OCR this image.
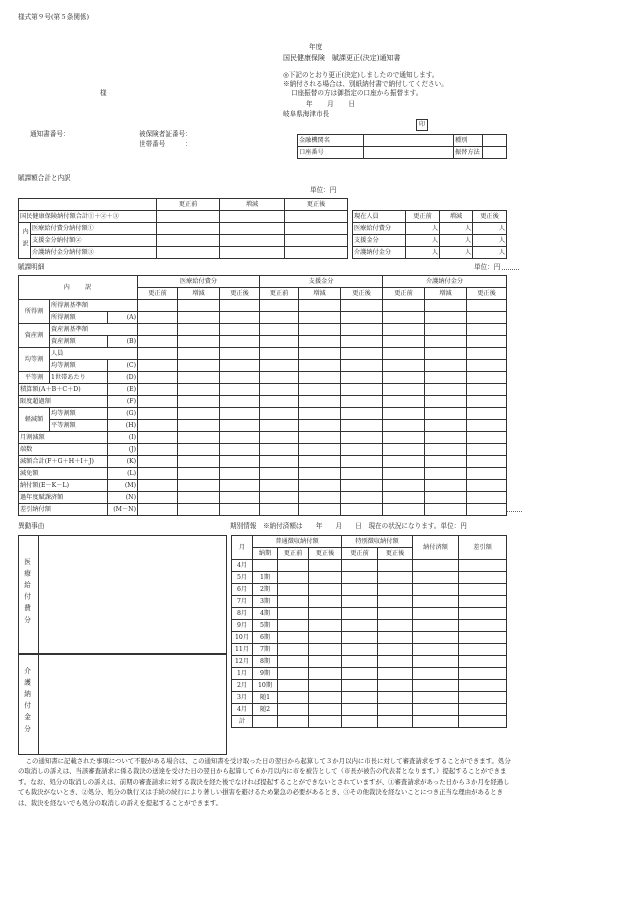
様式第９号(第５条関係)
年度
国民健康保険　賦課更正(決定)通知書
◎下記のとおり更正(決定)しましたので通知します。
※納付される場合は、別紙納付書で納付してください。
口座振替の方は御指定の口座から振替ます。
様
年　月　日
岐阜県海津市長
印
通知書番号：	被保険者証番号：
世帯番号　　　：	金融機関名		種別	
口座番号		振替方法	
賦課額合計と内訳
単位：円
		更正前	増減	更正後
国民健康保険納付額合計①＋②＋③				
内訳	医療給付費分納付額①			
	支援金分納付額②			
	介護納付金分納付額③			
現在人員	更正前	増減	更正後
医療給付費分	人	人	人
支援金分	人	人	人
介護納付金分	人	人	人
賦課明細	単位：円
内　　訳			医療給付費分			支援金分			介護納付金分		
			更正前	増減	更正後	更正前	増減	更正後	更正前	増減	更正後
所得割	所得割基準額										
	所得割額	(A)									
資産割	資産割基準額										
	資産割額	(B)									
均等割	人員										
	均等割額	(C)									
平等割	1世帯あたり	(D)									
積算額(A＋B＋C＋D)		(E)									
限度超過額		(F)									
軽減額	均等割額	(G)									
	平等割額	(H)									
月割減額		(I)									
端数		(J)									
減額合計(F＋G＋H＋I＋J)		(K)									
減免額		(L)									
納付額(E－K－L)		(M)									
過年度賦課済額		(N)									
差引納付額		(M－N)									
異動事由
医療給付費分
介護納付金分
期別情報　※納付済額は　　年　　月　　日　現在の状況になります。単位：円
月	普通徴収納付額			特別徴収納付額		納付済額	差引額
	納期	更正前	更正後	更正前	更正後		
4月							
5月	1期						
6月	2期						
7月	3期						
8月	4期						
9月	5期						
10月	6期						
11月	7期						
12月	8期						
1月	9期						
2月	10期						
3月	随1						
4月	随2						
計							
この通知書に記載された事項について不服がある場合は、この通知書を受け取った日の翌日から起算して３か月以内に市長に対して審査請求をすることができます。処分の取消しの訴えは、当該審査請求に係る裁決の送達を受けた日の翌日から起算して６か月以内に市を被告として（市長が被告の代表者となります。）提起することができます。なお、処分の取消しの訴えは、前期の審査請求に対する裁決を経た後でなければ提起することができないとされていますが、①審査請求があった日から３か月を経過しても裁決がないとき、②処分、処分の執行又は手続の続行により著しい損害を避けるため緊急の必要があるとき、③その他裁決を経ないことにつき正当な理由があるときは、裁決を経ないでも処分の取消しの訴えを提起することができます。
